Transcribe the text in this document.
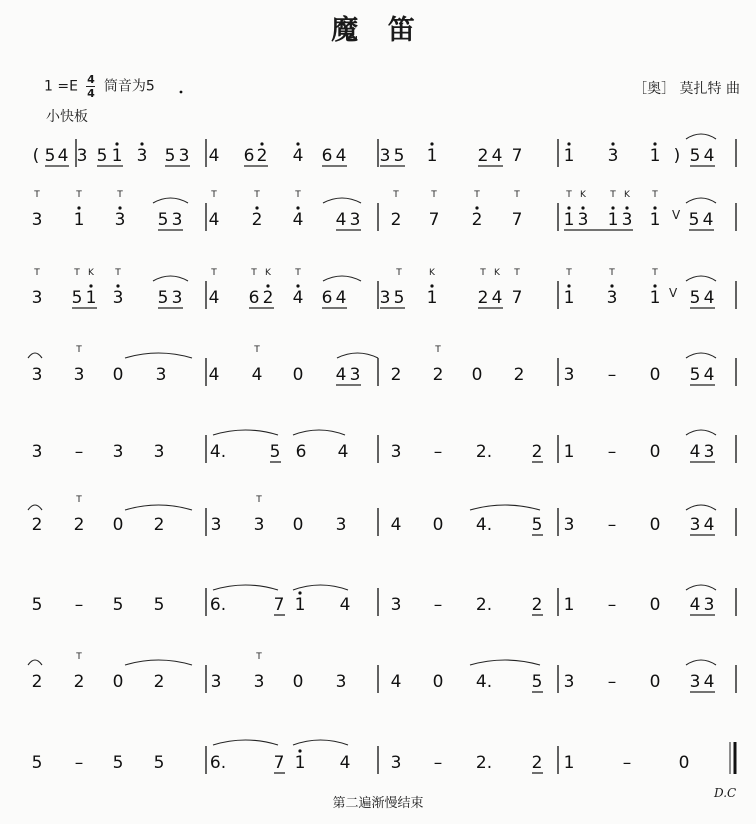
魔 笛
$1 =E \frac{4}{4}$ 筒音为5	［奥］ 莫扎特 曲
小快板
( 5 4 3 5 1 3 5 3 4 6 2 4 6 4 3 5 1 2 4 7 1 3 1 ) 5 4
3
T
1
T
3
T
5 3 4
T
2
T
4
T
4 3 2
T
7
T
2
T
7
T
1
T
3
K
1
T
3
K
1
T
5 4
3
T
5
T
1
K
3
T
5 3 4
T
6
T
2
K
4
T
6 4 3 5
T
1
K
2
T
4
K
7
T
1
T
3
T
1
T
5 4
3 3
T
0 3 4 4
T
0 4 3 2 2
T
0 2 3 – 0 5 4
3 – 3 3	4.	5 6 4 3 – 2. 2 1 – 0 4 3
2 2
T
0 2	3 3
T
0 3	4 0 4. 5 3 – 0 3 4
5 – 5 5	6.	7 1 4 3 – 2. 2 1 – 0 4 3
2 2
T
0 2	3 3
T
0 3	4 0 4. 5 3 – 0 3 4
5 – 5 5	6.	7 1 4 3 – 2. 2 1	–	0
V
V
第二遍渐慢结束
D.C
